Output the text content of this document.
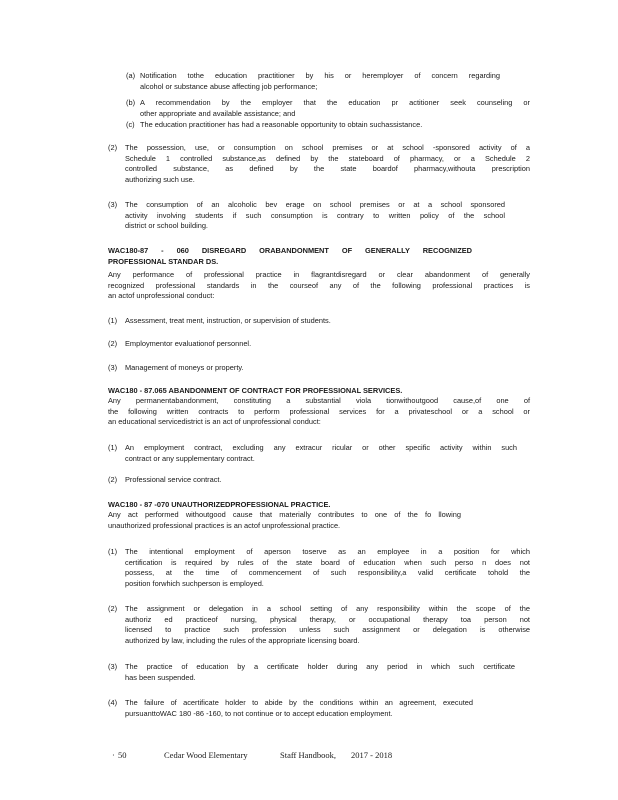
(a) Notification tothe education practitioner by his or heremployer of concern regarding
alcohol or substance abuse affecting job performance;
(b) A recommendation by the employer that the education pr actitioner seek counseling or
other appropriate and available assistance; and
(c) The education practitioner has had a reasonable opportunity to obtain suchassistance.
(2) The possession, use, or consumption on school premises or at school -sponsored activity of a
Schedule 1 controlled substance,as defined by the stateboard of pharmacy, or a Schedule 2
controlled substance, as defined by the state boardof pharmacy,withouta prescription
authorizing such use.
(3) The consumption of an alcoholic bev erage on school premises or at a school sponsored
activity involving students if such consumption is contrary to written policy of the school
district or school building.
WAC180-87 - 060 DISREGARD ORABANDONMENT OF GENERALLY RECOGNIZED
PROFESSIONAL STANDAR DS.
Any performance of professional practice in flagrantdisregard or clear abandonment of generally
recognized professional standards in the courseof any of the following professional practices is
an actof unprofessional conduct:
(1) Assessment, treat ment, instruction, or supervision of students.
(2) Employmentor evaluationof personnel.
(3) Management of moneys or property.
WAC180 - 87.065 ABANDONMENT OF CONTRACT FOR PROFESSIONAL SERVICES.
Any permanentabandonment, constituting a substantial viola tionwithoutgood cause,of one of
the following written contracts to perform professional services for a privateschool or a school or
an educational servicedistrict is an act of unprofessional conduct:
(1) An employment contract, excluding any extracur ricular or other specific activity within such
contract or any supplementary contract.
(2) Professional service contract.
WAC180 - 87 -070 UNAUTHORIZEDPROFESSIONAL PRACTICE.
Any act performed withoutgood cause that materially contributes to one of the fo llowing
unauthorized professional practices is an actof unprofessional practice.
(1) The intentional employment of aperson toserve as an employee in a position for which
certification is required by rules of the state board of education when such perso n does not
possess, at the time of commencement of such responsibility,a valid certificate tohold the
position forwhich suchperson is employed.
(2) The assignment or delegation in a school setting of any responsibility within the scope of the
authoriz ed practiceof nursing, physical therapy, or occupational therapy toa person not
licensed to practice such profession unless such assignment or delegation is otherwise
authorized by law, including the rules of the appropriate licensing board.
(3) The practice of education by a certificate holder during any period in which such certificate
has been suspended.
(4) The failure of acertificate holder to abide by the conditions within an agreement, executed
pursuanttoWAC 180 -86 -160, to not continue or to accept education employment.
· 50	Cedar Wood Elementary	Staff Handbook, 2017 - 2018
